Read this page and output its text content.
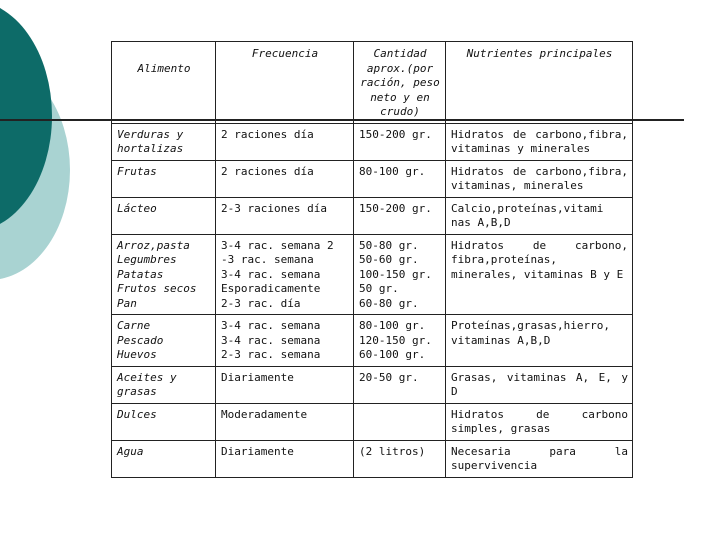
Alimento	Frecuencia	Cantidad aprox.(por ración, peso neto y en crudo)	Nutrientes principales

Verduras y hortalizas	2 raciones día	150-200 gr.	Hidratos de carbono,fibra, vitaminas y minerales

Frutas	2 raciones día	80-100 gr.	Hidratos de carbono,fibra, vitaminas, minerales

Lácteo	2-3 raciones día	150-200 gr.	Calcio,proteínas,vitami nas A,B,D

Arroz,pasta
Legumbres
Patatas
Frutos secos
Pan	3-4 rac. semana 2
-3 rac. semana
3-4 rac. semana
Esporadicamente
2-3 rac. día	50-80 gr.
50-60 gr.
100-150 gr.
50 gr.
60-80 gr.	Hidratos de carbono, fibra,proteínas, minerales, vitaminas B y E

Carne
Pescado
Huevos	3-4 rac. semana
3-4 rac. semana
2-3 rac. semana	80-100 gr.
120-150 gr.
60-100 gr.	Proteínas,grasas,hierro, vitaminas A,B,D

Aceites y grasas	Diariamente	20-50 gr.	Grasas, vitaminas A, E, y D

Dulces	Moderadamente		Hidratos de carbono simples, grasas

Agua	Diariamente	(2 litros)	Necesaria para la supervivencia
